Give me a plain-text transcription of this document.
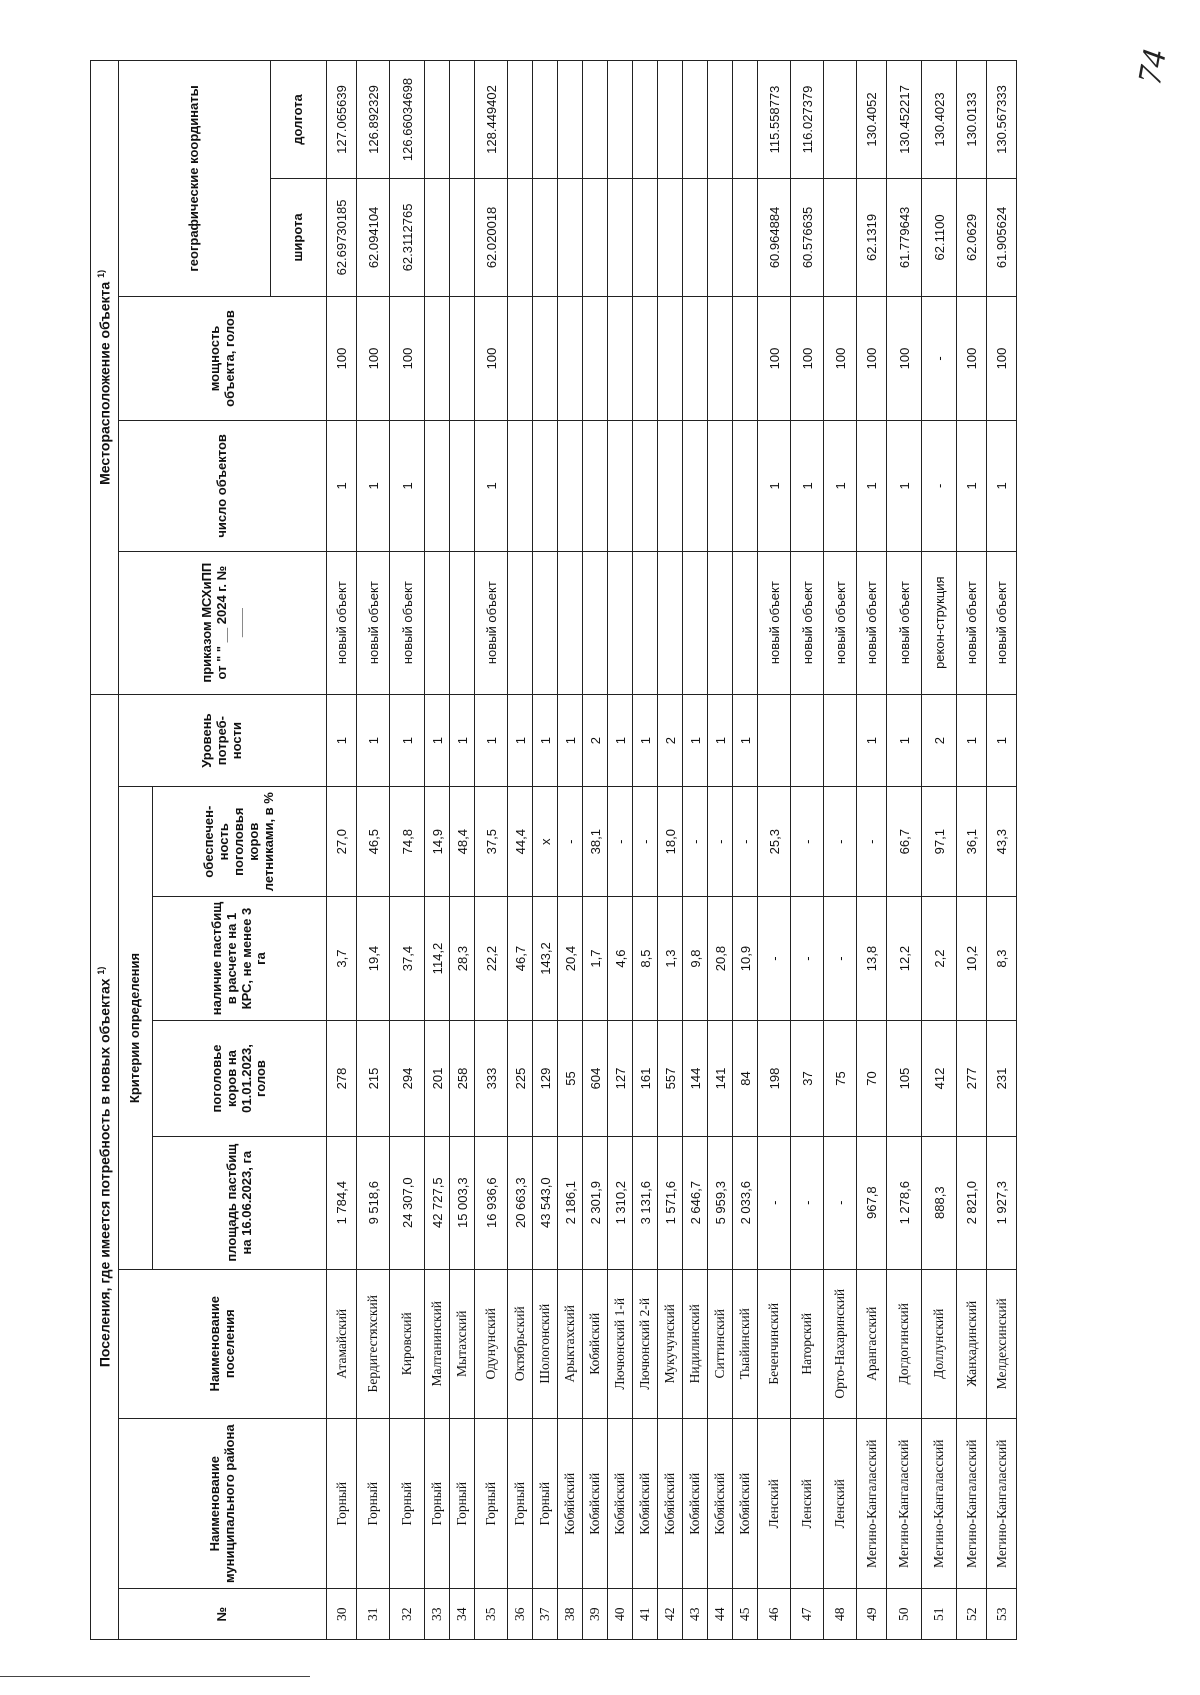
74
Поселения, где имеется потребность в новых объектах $^{1)}$								Месторасположение объекта $^{1)}$
№	Наименование муниципального района	Наименование поселения	Критерии определения				Уровень потреб-ности	приказом МСХиПП от " " __ 2024 г. № ____	число объектов	мощность объекта, голов	географические координаты	
			площадь пастбищ на 16.06.2023, га	поголовье коров на 01.01.2023, голов	наличие пастбищ в расчете на 1 КРС, не менее 3 га	обеспечен-ность поголовья коров летниками, в %						
											широта	долгота
30	Горный	Атамайский	1 784,4	278	3,7	27,0	1	новый объект	1	100	62.69730185	127.065639
31	Горный	Бердигестяхский	9 518,6	215	19,4	46,5	1	новый объект	1	100	62.094104	126.892329
32	Горный	Кировский	24 307,0	294	37,4	74,8	1	новый объект	1	100	62.3112765	126.66034698
33	Горный	Малтанинский	42 727,5	201	114,2	14,9	1					
34	Горный	Мытахский	15 003,3	258	28,3	48,4	1					
35	Горный	Одунунский	16 936,6	333	22,2	37,5	1	новый объект	1	100	62.020018	128.449402
36	Горный	Октябрьский	20 663,3	225	46,7	44,4	1					
37	Горный	Шологонский	43 543,0	129	143,2	x	1					
38	Кобяйский	Арыктахский	2 186,1	55	20,4	-	1					
39	Кобяйский	Кобяйский	2 301,9	604	1,7	38,1	2					
40	Кобяйский	Лючюнский 1-й	1 310,2	127	4,6	-	1					
41	Кобяйский	Лючюнский 2-й	3 131,6	161	8,5	-	1					
42	Кобяйский	Мукучунский	1 571,6	557	1,3	18,0	2					
43	Кобяйский	Нидилинский	2 646,7	144	9,8	-	1					
44	Кобяйский	Ситтинский	5 959,3	141	20,8	-	1					
45	Кобяйский	Тыайинский	2 033,6	84	10,9	-	1					
46	Ленский	Беченчинский	-	198	-	25,3		новый объект	1	100	60.964884	115.558773
47	Ленский	Наторский	-	37	-	-		новый объект	1	100	60.576635	116.027379
48	Ленский	Орто-Нахаринский	-	75	-	-		новый объект	1	100		
49	Мегино-Кангаласский	Арангасский	967,8	70	13,8	-	1	новый объект	1	100	62.1319	130.4052
50	Мегино-Кангаласский	Догдогинский	1 278,6	105	12,2	66,7	1	новый объект	1	100	61.779643	130.452217
51	Мегино-Кангаласский	Доллунский	888,3	412	2,2	97,1	2	рекон-струкция	-	-	62.1100	130.4023
52	Мегино-Кангаласский	Жанхадинский	2 821,0	277	10,2	36,1	1	новый объект	1	100	62.0629	130.0133
53	Мегино-Кангаласский	Мелдехсинский	1 927,3	231	8,3	43,3	1	новый объект	1	100	61.905624	130.567333
